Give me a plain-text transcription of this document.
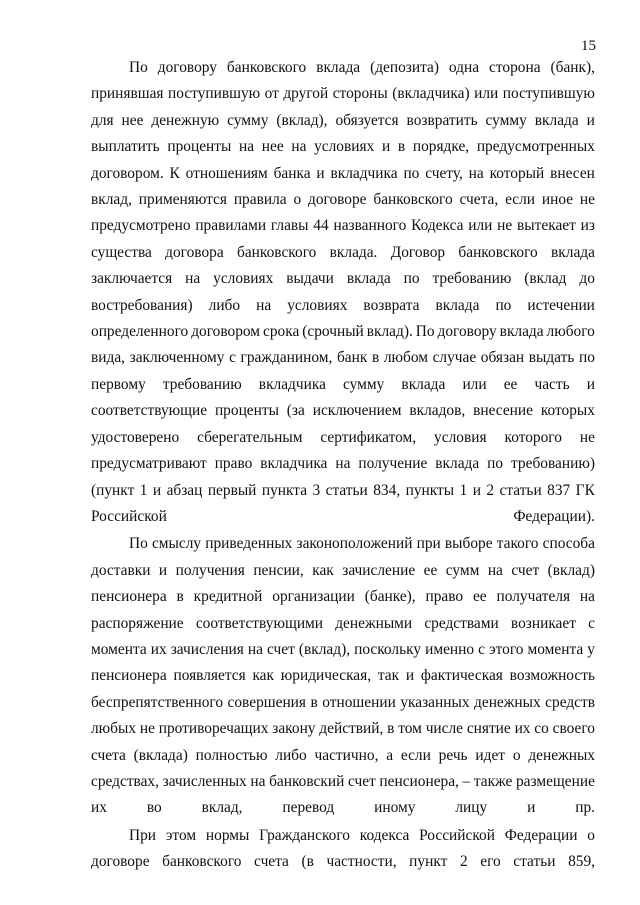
15
По договору банковского вклада (депозита) одна сторона (банк),
принявшая поступившую от другой стороны (вкладчика) или поступившую
для нее денежную сумму (вклад), обязуется возвратить сумму вклада и
выплатить проценты на нее на условиях и в порядке, предусмотренных
договором. К отношениям банка и вкладчика по счету, на который внесен
вклад, применяются правила о договоре банковского счета, если иное не
предусмотрено правилами главы 44 названного Кодекса или не вытекает из
существа договора банковского вклада. Договор банковского вклада
заключается на условиях выдачи вклада по требованию (вклад до
востребования) либо на условиях возврата вклада по истечении
определенного договором срока (срочный вклад). По договору вклада любого
вида, заключенному с гражданином, банк в любом случае обязан выдать по
первому требованию вкладчика сумму вклада или ее часть и
соответствующие проценты (за исключением вкладов, внесение которых
удостоверено сберегательным сертификатом, условия которого не
предусматривают право вкладчика на получение вклада по требованию)
(пункт 1 и абзац первый пункта 3 статьи 834, пункты 1 и 2 статьи 837 ГК
Российской Федерации).
По смыслу приведенных законоположений при выборе такого способа
доставки и получения пенсии, как зачисление ее сумм на счет (вклад)
пенсионера в кредитной организации (банке), право ее получателя на
распоряжение соответствующими денежными средствами возникает с
момента их зачисления на счет (вклад), поскольку именно с этого момента у
пенсионера появляется как юридическая, так и фактическая возможность
беспрепятственного совершения в отношении указанных денежных средств
любых не противоречащих закону действий, в том числе снятие их со своего
счета (вклада) полностью либо частично, а если речь идет о денежных
средствах, зачисленных на банковский счет пенсионера, – также размещение
их во вклад, перевод иному лицу и пр.
При этом нормы Гражданского кодекса Российской Федерации о
договоре банковского счета (в частности, пункт 2 его статьи 859,
